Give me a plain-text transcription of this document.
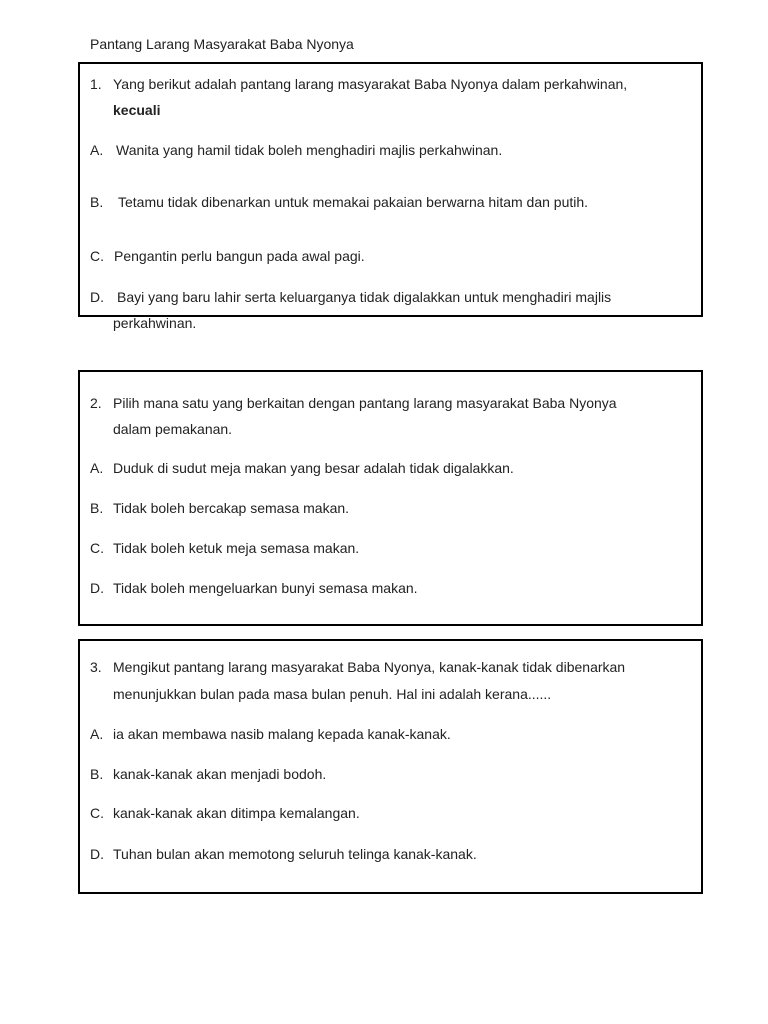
Pantang Larang Masyarakat Baba Nyonya
1. Yang berikut adalah pantang larang masyarakat Baba Nyonya dalam perkahwinan,
kecuali
A. Wanita yang hamil tidak boleh menghadiri majlis perkahwinan.
B. Tetamu tidak dibenarkan untuk memakai pakaian berwarna hitam dan putih.
C. Pengantin perlu bangun pada awal pagi.
D. Bayi yang baru lahir serta keluarganya tidak digalakkan untuk menghadiri majlis
perkahwinan.
2. Pilih mana satu yang berkaitan dengan pantang larang masyarakat Baba Nyonya
dalam pemakanan.
A. Duduk di sudut meja makan yang besar adalah tidak digalakkan.
B. Tidak boleh bercakap semasa makan.
C. Tidak boleh ketuk meja semasa makan.
D. Tidak boleh mengeluarkan bunyi semasa makan.
3. Mengikut pantang larang masyarakat Baba Nyonya, kanak-kanak tidak dibenarkan
menunjukkan bulan pada masa bulan penuh. Hal ini adalah kerana......
A. ia akan membawa nasib malang kepada kanak-kanak.
B. kanak-kanak akan menjadi bodoh.
C. kanak-kanak akan ditimpa kemalangan.
D. Tuhan bulan akan memotong seluruh telinga kanak-kanak.
